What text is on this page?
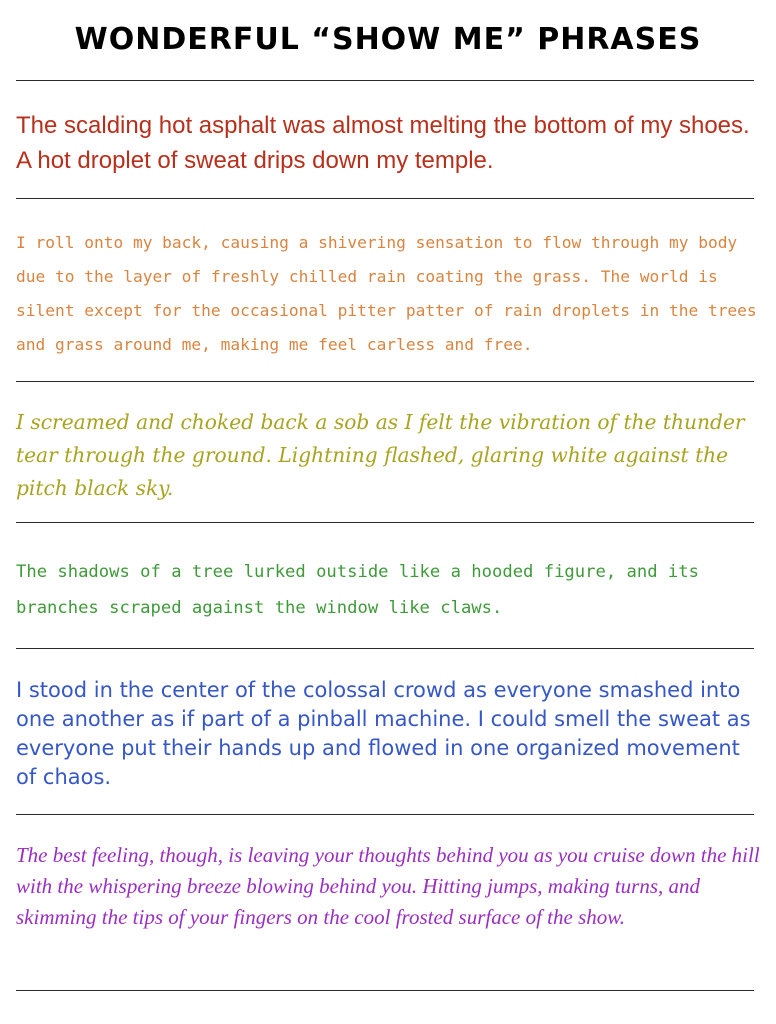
WONDERFUL “SHOW ME” PHRASES

The scalding hot asphalt was almost melting the bottom of my shoes. A hot droplet of sweat drips down my temple.

I roll onto my back, causing a shivering sensation to flow through my body due to the layer of freshly chilled rain coating the grass. The world is silent except for the occasional pitter patter of rain droplets in the trees and grass around me, making me feel carless and free.

I screamed and choked back a sob as I felt the vibration of the thunder tear through the ground. Lightning flashed, glaring white against the pitch black sky.

The shadows of a tree lurked outside like a hooded figure, and its branches scraped against the window like claws.

I stood in the center of the colossal crowd as everyone smashed into one another as if part of a pinball machine. I could smell the sweat as everyone put their hands up and flowed in one organized movement of chaos.

The best feeling, though, is leaving your thoughts behind you as you cruise down the hill with the whispering breeze blowing behind you. Hitting jumps, making turns, and skimming the tips of your fingers on the cool frosted surface of the show.
